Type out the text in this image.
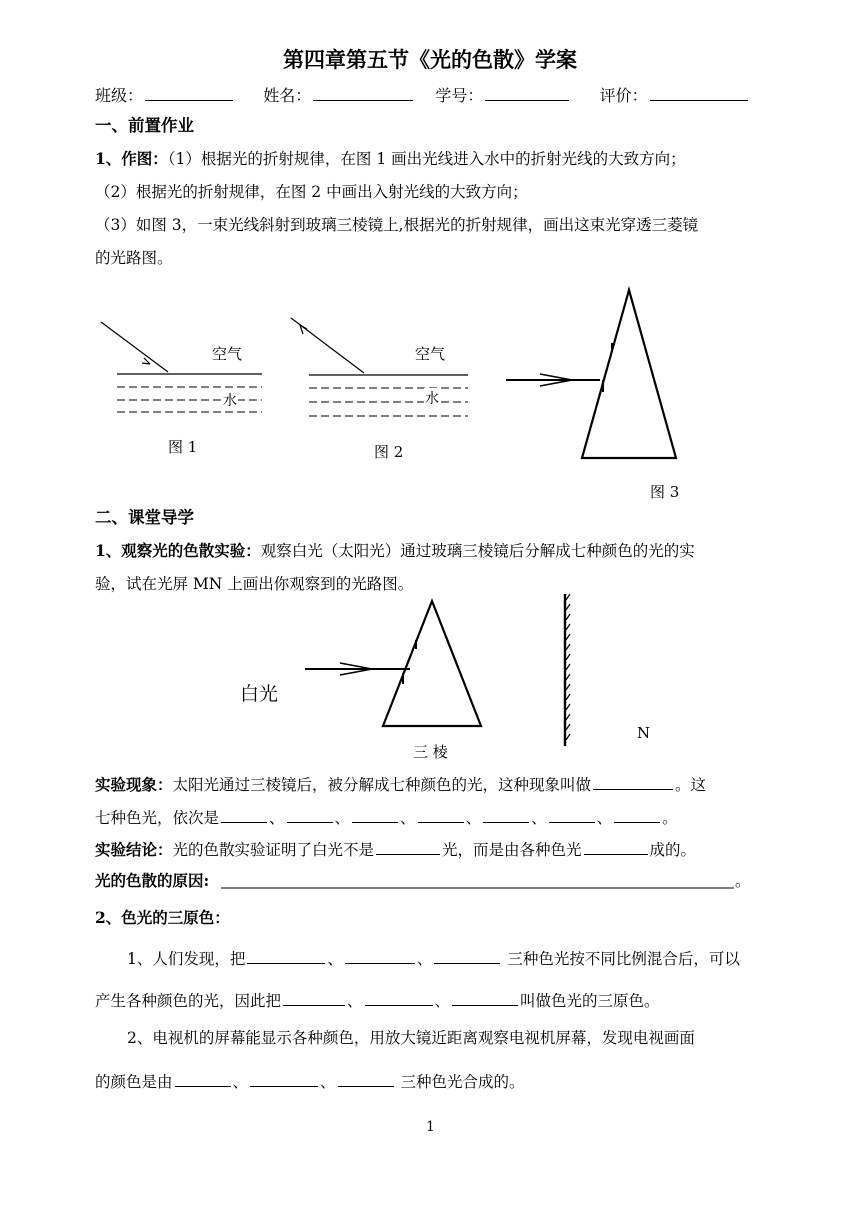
第四章第五节《光的色散》学案
班级：	姓名：	学号：	评价：
一、前置作业
1、作图：（1）根据光的折射规律，在图 1 画出光线进入水中的折射光线的大致方向；
（2）根据光的折射规律，在图 2 中画出入射光线的大致方向；
（3）如图 3，一束光线斜射到玻璃三棱镜上,根据光的折射规律，画出这束光穿透三菱镜
的光路图。
空气
水
图 1
空气
水
图 2
图 3
二、课堂导学
1、观察光的色散实验：观察白光（太阳光）通过玻璃三棱镜后分解成七种颜色的光的实
验，试在光屏 MN 上画出你观察到的光路图。
白光
三 棱
N
实验现象：太阳光通过三棱镜后，被分解成七种颜色的光，这种现象叫做	。这
七种色光，依次是	、	、	、	、	、	、	。
实验结论：光的色散实验证明了白光不是	光，而是由各种色光	成的。
光的色散的原因:	。
2、色光的三原色：
1、人们发现，把	、	、	三种色光按不同比例混合后，可以
产生各种颜色的光，因此把	、	、	叫做色光的三原色。
2、电视机的屏幕能显示各种颜色，用放大镜近距离观察电视机屏幕，发现电视画面
的颜色是由	、	、	三种色光合成的。
1
